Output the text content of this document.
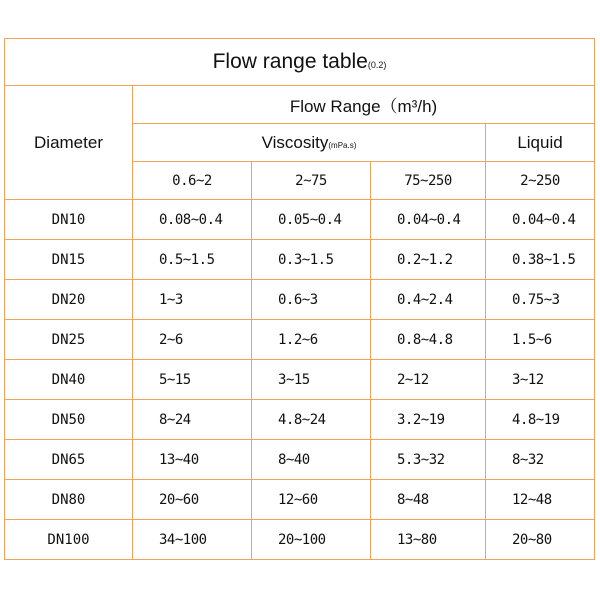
Flow range table(0.2)				
Diameter	Flow Range（m³/h)			
	Viscosity(mPa.s)			Liquid
	0.6~2	2~75	75~250	2~250
DN10	0.08~0.4	0.05~0.4	0.04~0.4	0.04~0.4
DN15	0.5~1.5	0.3~1.5	0.2~1.2	0.38~1.5
DN20	1~3	0.6~3	0.4~2.4	0.75~3
DN25	2~6	1.2~6	0.8~4.8	1.5~6
DN40	5~15	3~15	2~12	3~12
DN50	8~24	4.8~24	3.2~19	4.8~19
DN65	13~40	8~40	5.3~32	8~32
DN80	20~60	12~60	8~48	12~48
DN100	34~100	20~100	13~80	20~80
